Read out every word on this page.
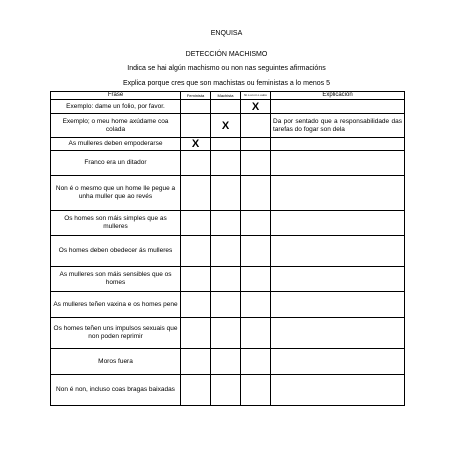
ENQUISA
DETECCIÓN MACHISMO
Indica se hai algún machismo ou non nas seguintes afirmacións
Explica porque cres que son machistas ou feministas a lo menos 5
Frase	Feminista	Machista	Ni o un ni o outro	Explicación
Exemplo: dame un folio, por favor.			X	
Exemplo; o meu home axúdame coa colada		X		Da por sentado que a responsabilidade das tarefas do fogar son dela
As mulleres deben empoderarse	X			
Franco era un ditador				
Non é o mesmo que un home lle pegue a unha muller que ao revés				
Os homes son máis simples que as mulleres				
Os homes deben obedecer ás mulleres				
As mulleres son máis sensibles que os homes				
As mulleres teñen vaxina e os homes pene				
Os homes teñen uns impulsos sexuais que non poden reprimir				
Moros fuera				
Non é non, incluso coas bragas baixadas				
